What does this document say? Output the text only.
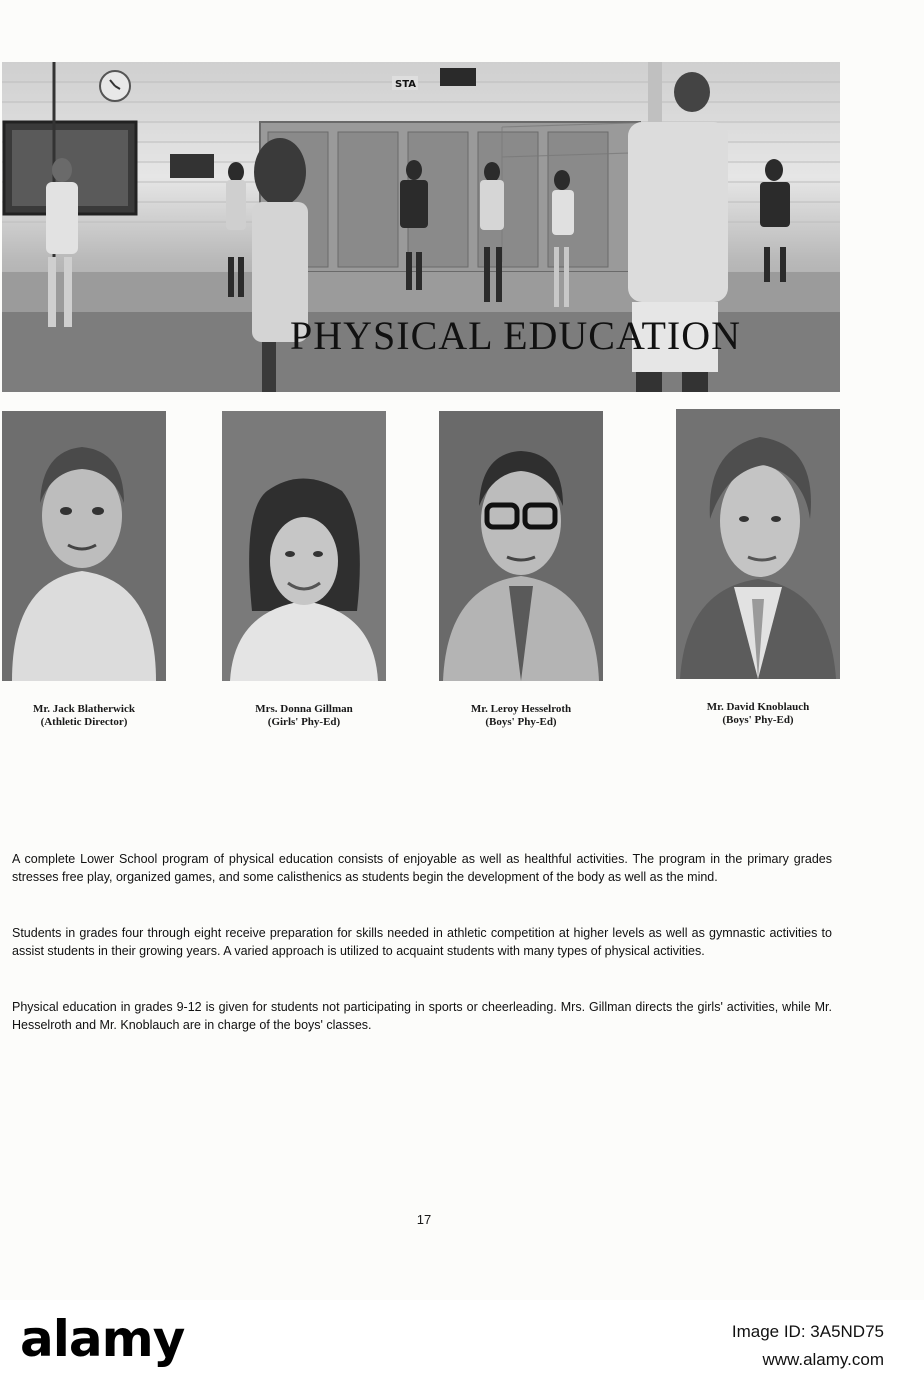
STA
PHYSICAL EDUCATION
Mr. Jack Blatherwick
(Athletic Director)
Mrs. Donna Gillman
(Girls' Phy-Ed)
Mr. Leroy Hesselroth
(Boys' Phy-Ed)
Mr. David Knoblauch
(Boys' Phy-Ed)
A complete Lower School program of physical education consists of enjoyable as well as healthful activities. The program in the primary grades stresses free play, organized games, and some calisthenics as students begin the development of the body as well as the mind.
Students in grades four through eight receive preparation for skills needed in athletic competition at higher levels as well as gymnastic activities to assist students in their growing years. A varied approach is utilized to acquaint students with many types of physical activities.
Physical education in grades 9-12 is given for students not participating in sports or cheerleading. Mrs. Gillman directs the girls' activities, while Mr. Hesselroth and Mr. Knoblauch are in charge of the boys' classes.
17
alamy	Image ID: 3A5ND75
www.alamy.com
